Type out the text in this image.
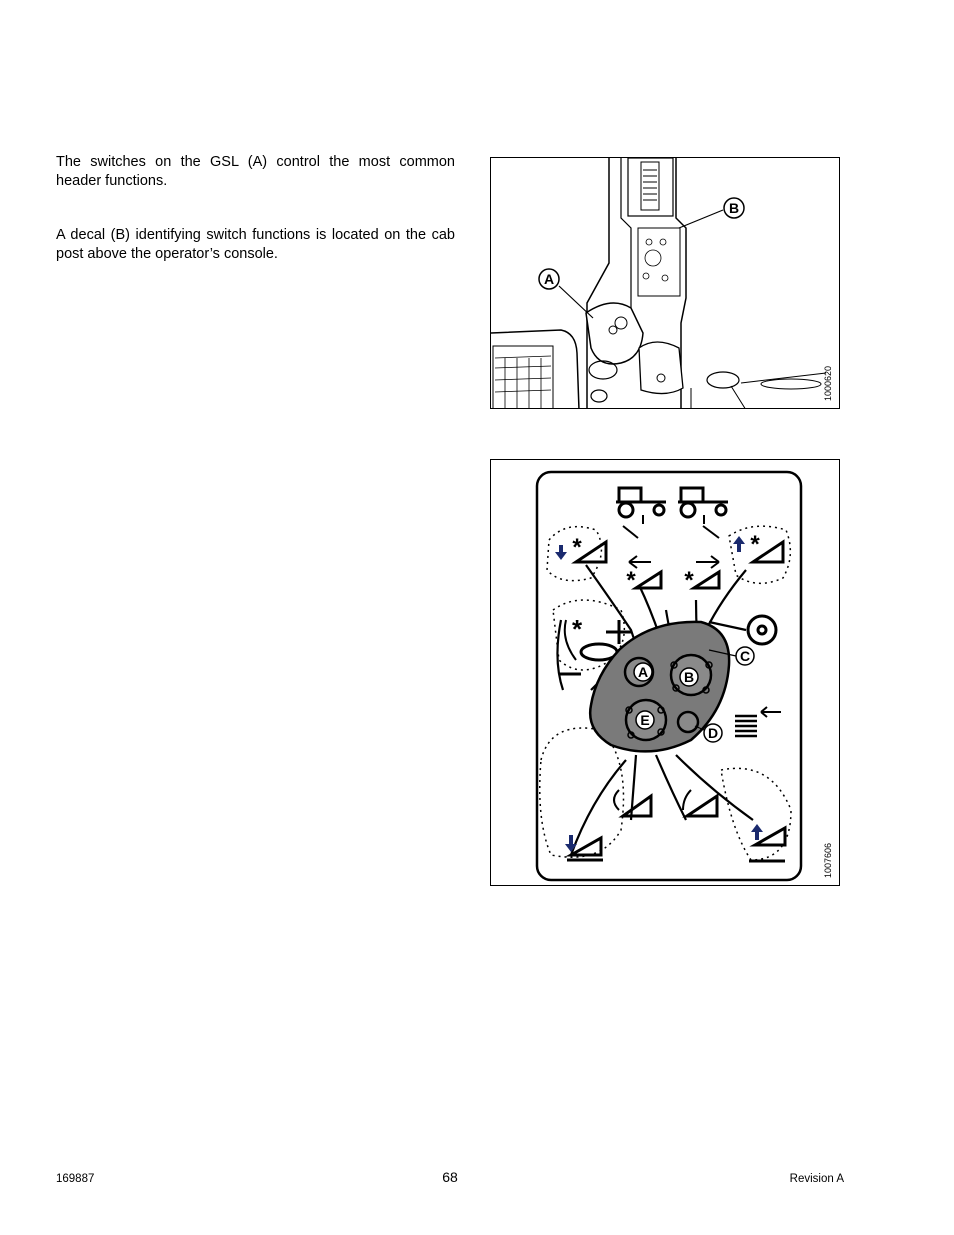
The switches on the GSL (A) control the most common header functions.

A decal (B) identifying switch functions is located on the cab post above the operator’s console.

B
A
1000620
*	*
* *
*
A	B
C
D
E
1007606
169887	68	Revision A
